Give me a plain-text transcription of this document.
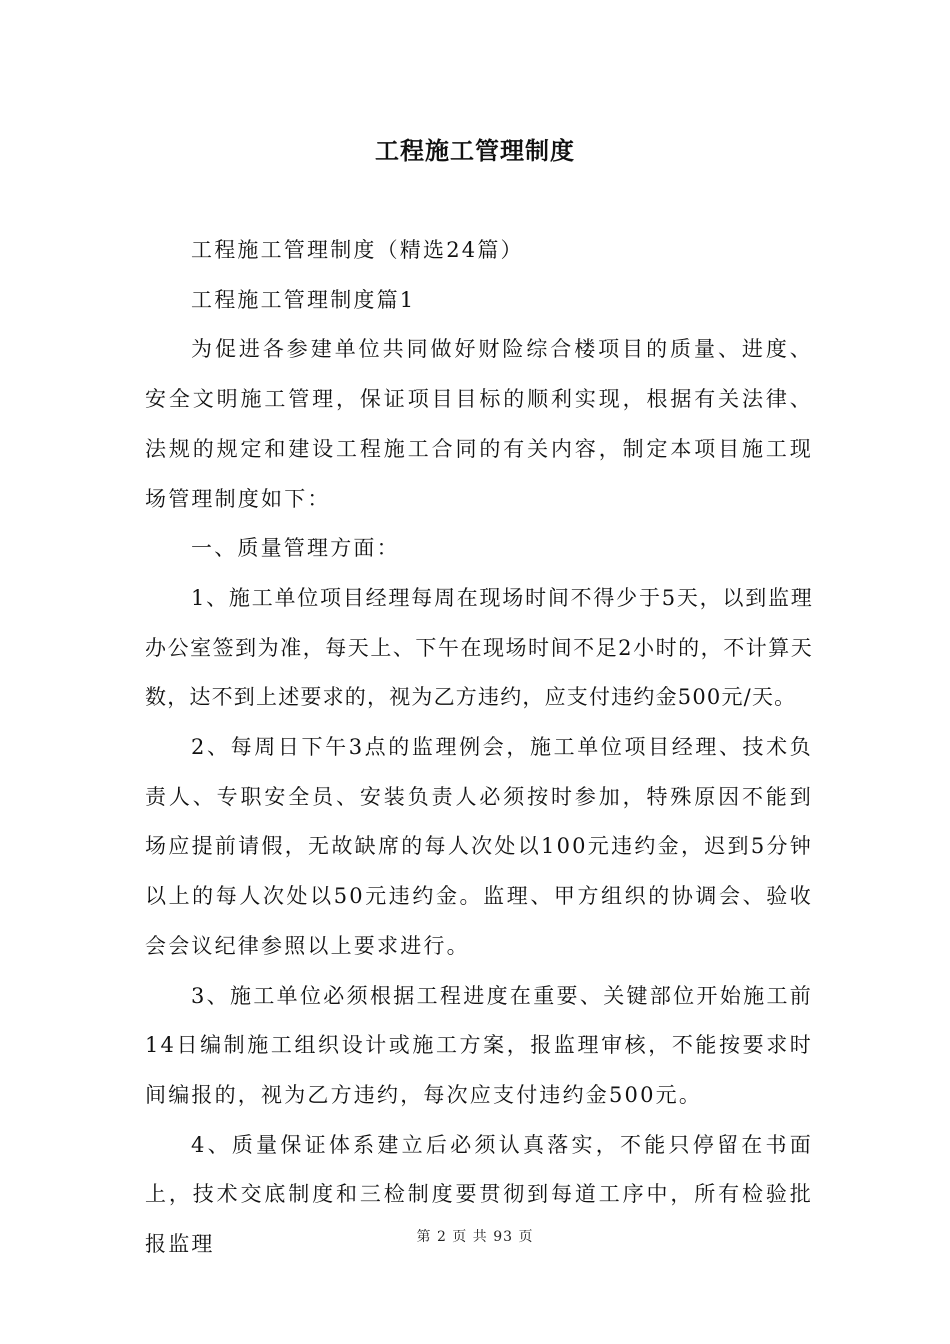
工程施工管理制度

工程施工管理制度（精选24篇）

工程施工管理制度篇1

为促进各参建单位共同做好财险综合楼项目的质量、进度、安全文明施工管理，保证项目目标的顺利实现，根据有关法律、法规的规定和建设工程施工合同的有关内容，制定本项目施工现场管理制度如下：

一、质量管理方面：

1、施工单位项目经理每周在现场时间不得少于5天，以到监理办公室签到为准，每天上、下午在现场时间不足2小时的，不计算天数，达不到上述要求的，视为乙方违约，应支付违约金500元/天。

2、每周日下午3点的监理例会，施工单位项目经理、技术负责人、专职安全员、安装负责人必须按时参加，特殊原因不能到场应提前请假，无故缺席的每人次处以100元违约金，迟到5分钟以上的每人次处以50元违约金。监理、甲方组织的协调会、验收会会议纪律参照以上要求进行。

3、施工单位必须根据工程进度在重要、关键部位开始施工前14日编制施工组织设计或施工方案，报监理审核，不能按要求时间编报的，视为乙方违约，每次应支付违约金500元。

4、质量保证体系建立后必须认真落实，不能只停留在书面上，技术交底制度和三检制度要贯彻到每道工序中，所有检验批报监理	第 2 页 共 93 页
